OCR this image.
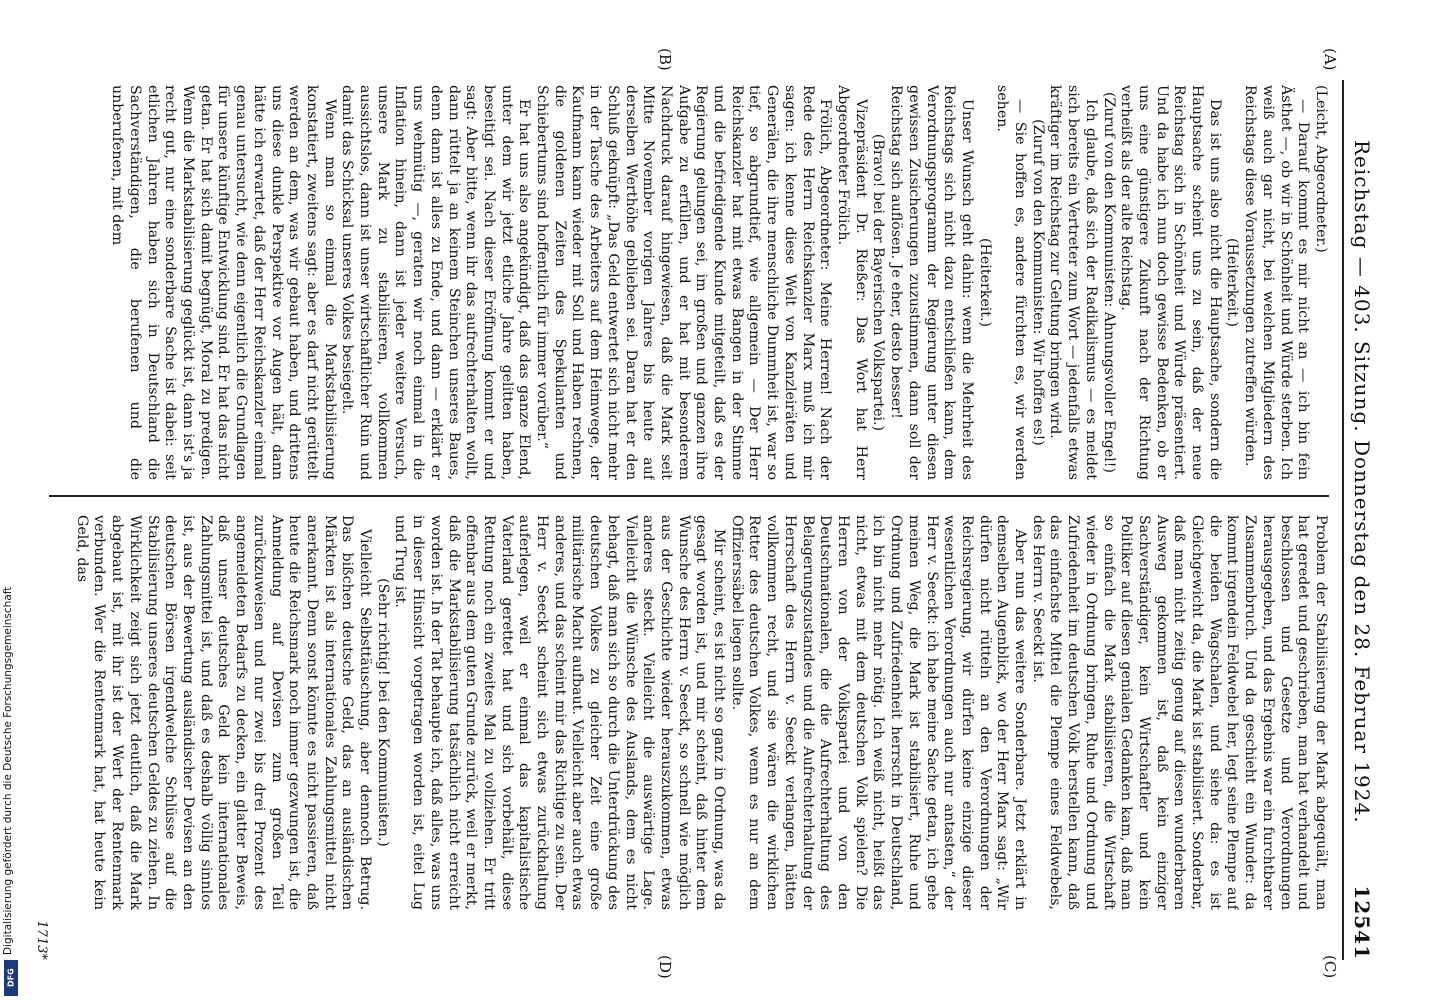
Reichstag — 403. Sitzung. Donnerstag den 28. Februar 1924.
12541
(A)
(B)
(C)
(D)

(Leicht, Abgeordneter.)

— Darauf kommt es mir nicht an — ich bin fein Ästhet —, ob wir in Schönheit und Würde sterben. Ich weiß auch gar nicht, bei welchen Mitgliedern des Reichstags diese Voraussetzungen zutreffen würden.

(Heiterkeit.)

Das ist uns also nicht die Hauptsache, sondern die Hauptsache scheint uns zu sein, daß der neue Reichstag sich in Schönheit und Würde präsentiert. Und da habe ich nun doch gewisse Bedenken, ob er uns eine günstigere Zukunft nach der Richtung verheißt als der alte Reichstag.

(Zuruf von den Kommunisten: Ahnungsvoller Engel!)

Ich glaube, daß sich der Radikalismus — es meldet sich bereits ein Vertreter zum Wort — jedenfalls etwas kräftiger im Reichstag zur Geltung bringen wird.

(Zuruf von den Kommunisten: Wir hoffen es!)

— Sie hoffen es, andere fürchten es, wir werden sehen.

(Heiterkeit.)

Unser Wunsch geht dahin: wenn die Mehrheit des Reichstags sich nicht dazu entschließen kann, dem Verordnungsprogramm der Regierung unter diesen gewissen Zusicherungen zuzustimmen, dann soll der Reichstag sich auflösen. Je eher, desto besser!

(Bravo! bei der Bayerischen Volkspartei.)

Vizepräsident Dr. Rießer: Das Wort hat Herr Abgeordneter Frölich.

Frölich, Abgeordneter: Meine Herren! Nach der Rede des Herrn Reichskanzler Marx muß ich mir sagen: ich kenne diese Welt von Kanzleiräten und Generälen, die ihre menschliche Dummheit ist, war so tief, so abgrundtief, wie allgemein — Der Herr Reichskanzler hat mit etwas Bangen in der Stimme und die befriedigende Kunde mitgeteilt, daß es der Regierung gelungen sei, im großen und ganzen ihre Aufgabe zu erfüllen, und er hat mit besonderem Nachdruck darauf hingewiesen, daß die Mark seit Mitte November vorigen Jahres bis heute auf derselben Werthöhe geblieben sei. Daran hat er den Schluß geknüpft: „Das Geld entwertet sich nicht mehr in der Tasche des Arbeiters auf dem Heimwege, der Kaufmann kann wieder mit Soll und Haben rechnen, die goldenen Zeiten des Spekulanten und Schiebertums sind hoffentlich für immer vorüber.“

Er hat uns also angekündigt, daß das ganze Elend, unter dem wir jetzt etliche Jahre gelitten haben, beseitigt sei. Nach dieser Eröffnung kommt er und sagt: Aber bitte, wenn ihr das aufrechterhalten wollt, dann rüttelt ja an keinem Steinchen unseres Baues, denn dann ist alles zu Ende, und dann — erklärt er uns wehmütig —, geraten wir noch einmal in die Inflation hinein, dann ist jeder weitere Versuch, unsere Mark zu stabilisieren, vollkommen aussichtslos, dann ist unser wirtschaftlicher Ruin und damit das Schicksal unseres Volkes besiegelt.

Wenn man so einmal die Markstabilisierung konstatiert, zweitens sagt: aber es darf nicht gerüttelt werden an dem, was wir gebaut haben, und drittens uns diese dunkle Perspektive vor Augen hält, dann hätte ich erwartet, daß der Herr Reichskanzler einmal genau untersucht, wie denn eigentlich die Grundlagen für unsere künftige Entwicklung sind. Er hat das nicht getan. Er hat sich damit begnügt, Moral zu predigen. Wenn die Markstabilisierung geglückt ist, dann ist's ja recht gut, nur eine sonderbare Sache ist dabei: seit etlichen Jahren haben sich in Deutschland die Sachverständigen, die berufenen und die unberufenen, mit dem

Problem der Stabilisierung der Mark abgequält, man hat geredet und geschrieben, man hat verhandelt und beschlossen und Gesetze und Verordnungen herausgegeben, und das Ergebnis war ein furchtbarer Zusammenbruch. Und da geschieht ein Wunder: da kommt irgendein Feldwebel her, legt seine Plempe auf die beiden Wagschalen, und siehe da: es ist Gleichgewicht da, die Mark ist stabilisiert. Sonderbar, daß man nicht zeitig genug auf diesen wunderbaren Ausweg gekommen ist, daß kein einziger Sachverständiger, kein Wirtschaftler und kein Politiker auf diesen genialen Gedanken kam, daß man so einfach die Mark stabilisieren, die Wirtschaft wieder in Ordnung bringen, Ruhe und Ordnung und Zufriedenheit im deutschen Volk herstellen kann, daß das einfachste Mittel die Plempe eines Feldwebels, des Herrn v. Seeckt ist.

Aber nun das weitere Sonderbare. Jetzt erklärt in demselben Augenblick, wo der Herr Marx sagt: „Wir dürfen nicht rütteln an den Verordnungen der Reichsregierung, wir dürfen keine einzige dieser wesentlichen Verordnungen auch nur antasten,“ der Herr v. Seeckt: ich habe meine Sache getan, ich gehe meinen Weg, die Mark ist stabilisiert, Ruhe und Ordnung und Zufriedenheit herrscht in Deutschland, ich bin nicht mehr nötig. Ich weiß nicht, heißt das nicht, etwas mit dem deutschen Volk spielen? Die Herren von der Volkspartei und von den Deutschnationalen, die die Aufrechterhaltung des Belagerungszustandes und die Aufrechterhaltung der Herrschaft des Herrn v. Seeckt verlangen, hätten vollkommen recht, und sie wären die wirklichen Retter des deutschen Volkes, wenn es nur an dem Offizierssäbel liegen sollte.

Mir scheint, es ist nicht so ganz in Ordnung, was da gesagt worden ist, und mir scheint, daß hinter dem Wunsche des Herrn v. Seeckt, so schnell wie möglich aus der Geschichte wieder herauszukommen, etwas anderes steckt. Vielleicht die auswärtige Lage. Vielleicht die Wünsche des Auslands, dem es nicht behagt, daß man sich so durch die Unterdrückung des deutschen Volkes zu gleicher Zeit eine große militärische Macht aufbaut. Vielleicht aber auch etwas anderes, und das scheint mir das Richtige zu sein. Der Herr v. Seeckt scheint sich etwas zurückhaltung auferlegen, weil er einmal das kapitalistische Vaterland gerettet hat und sich vorbehält, diese Rettung noch ein zweites Mal zu vollziehen. Er tritt offenbar aus dem guten Grunde zurück, weil er merkt, daß die Markstabilisierung tatsächlich nicht erreicht worden ist. In der Tat behaupte ich, daß alles, was uns in dieser Hinsicht vorgetragen worden ist, eitel Lug und Trug ist.

(Sehr richtig! bei den Kommunisten.)

Vielleicht Selbsttäuschung, aber dennoch Betrug. Das bißchen deutsche Geld, das an ausländischen Märkten ist als internationales Zahlungsmittel nicht anerkannt. Denn sonst könnte es nicht passieren, daß heute die Reichsmark noch immer gezwungen ist, die Anmeldung auf Devisen zum großen Teil zurückzuweisen und nur zwei bis drei Prozent des angemeldeten Bedarfs zu decken, ein glatter Beweis, daß unser deutsches Geld kein internationales Zahlungsmittel ist, und daß es deshalb völlig sinnlos ist, aus der Bewertung ausländischer Devisen an den deutschen Börsen irgendwelche Schlüsse auf die Stabilisierung unseres deutschen Geldes zu ziehen. In Wirklichkeit zeigt sich jetzt deutlich, daß die Mark abgebaut ist, mit ihr ist der Wert der Rentenmark verbunden. Wer die Rentenmark hat, hat heute kein Geld, das

1713*
Digitalisierung gefördert durch die Deutsche Forschungsgemeinschaft
DFG
